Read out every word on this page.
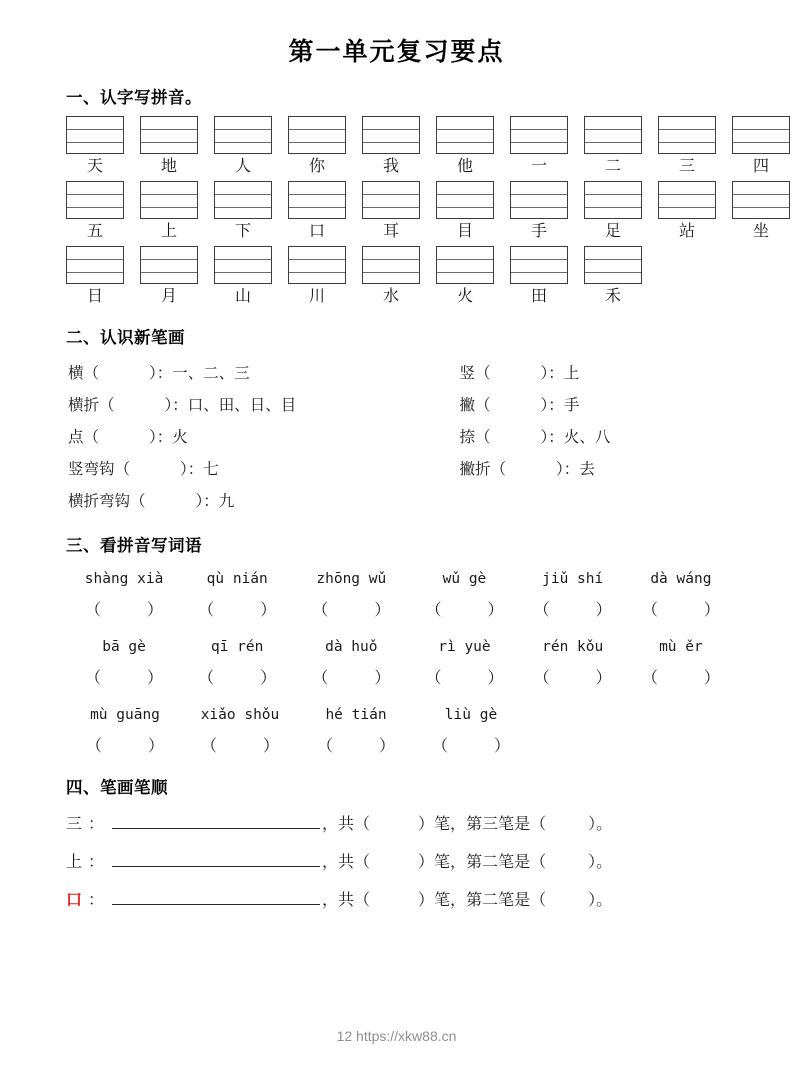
第一单元复习要点
一、认字写拼音。
天	地	人	你	我	他	一	二	三	四
五	上	下	口	耳	目	手	足	站	坐
日	月	山	川	水	火	田	禾
二、认识新笔画
横（	）：一、二、三	竖（	）：上
横折（	）：口、田、日、目	撇（	）：手
点（	）：火	捺（	）：火、八
竖弯钩（	）：七	撇折（	）：去
横折弯钩（	）：九
三、看拼音写词语
shàng xià	qù nián	zhōng wǔ	wǔ gè	jiǔ shí	dà wáng
（	）	（	）	（	）	（	）	（	）	（	）
bā gè	qī rén	dà huǒ	rì yuè	rén kǒu	mù ěr
（	）	（	）	（	）	（	）	（	）	（	）
mù guāng	xiǎo shǒu	hé tián	liù gè
（	）	（	）	（	）	（	）
四、笔画笔顺
三 ：	，共（	）笔，第三笔是（	）。
上 ：	，共（	）笔，第二笔是（	）。
口 ：	，共（	）笔，第二笔是（	）。
12 https://xkw88.cn
